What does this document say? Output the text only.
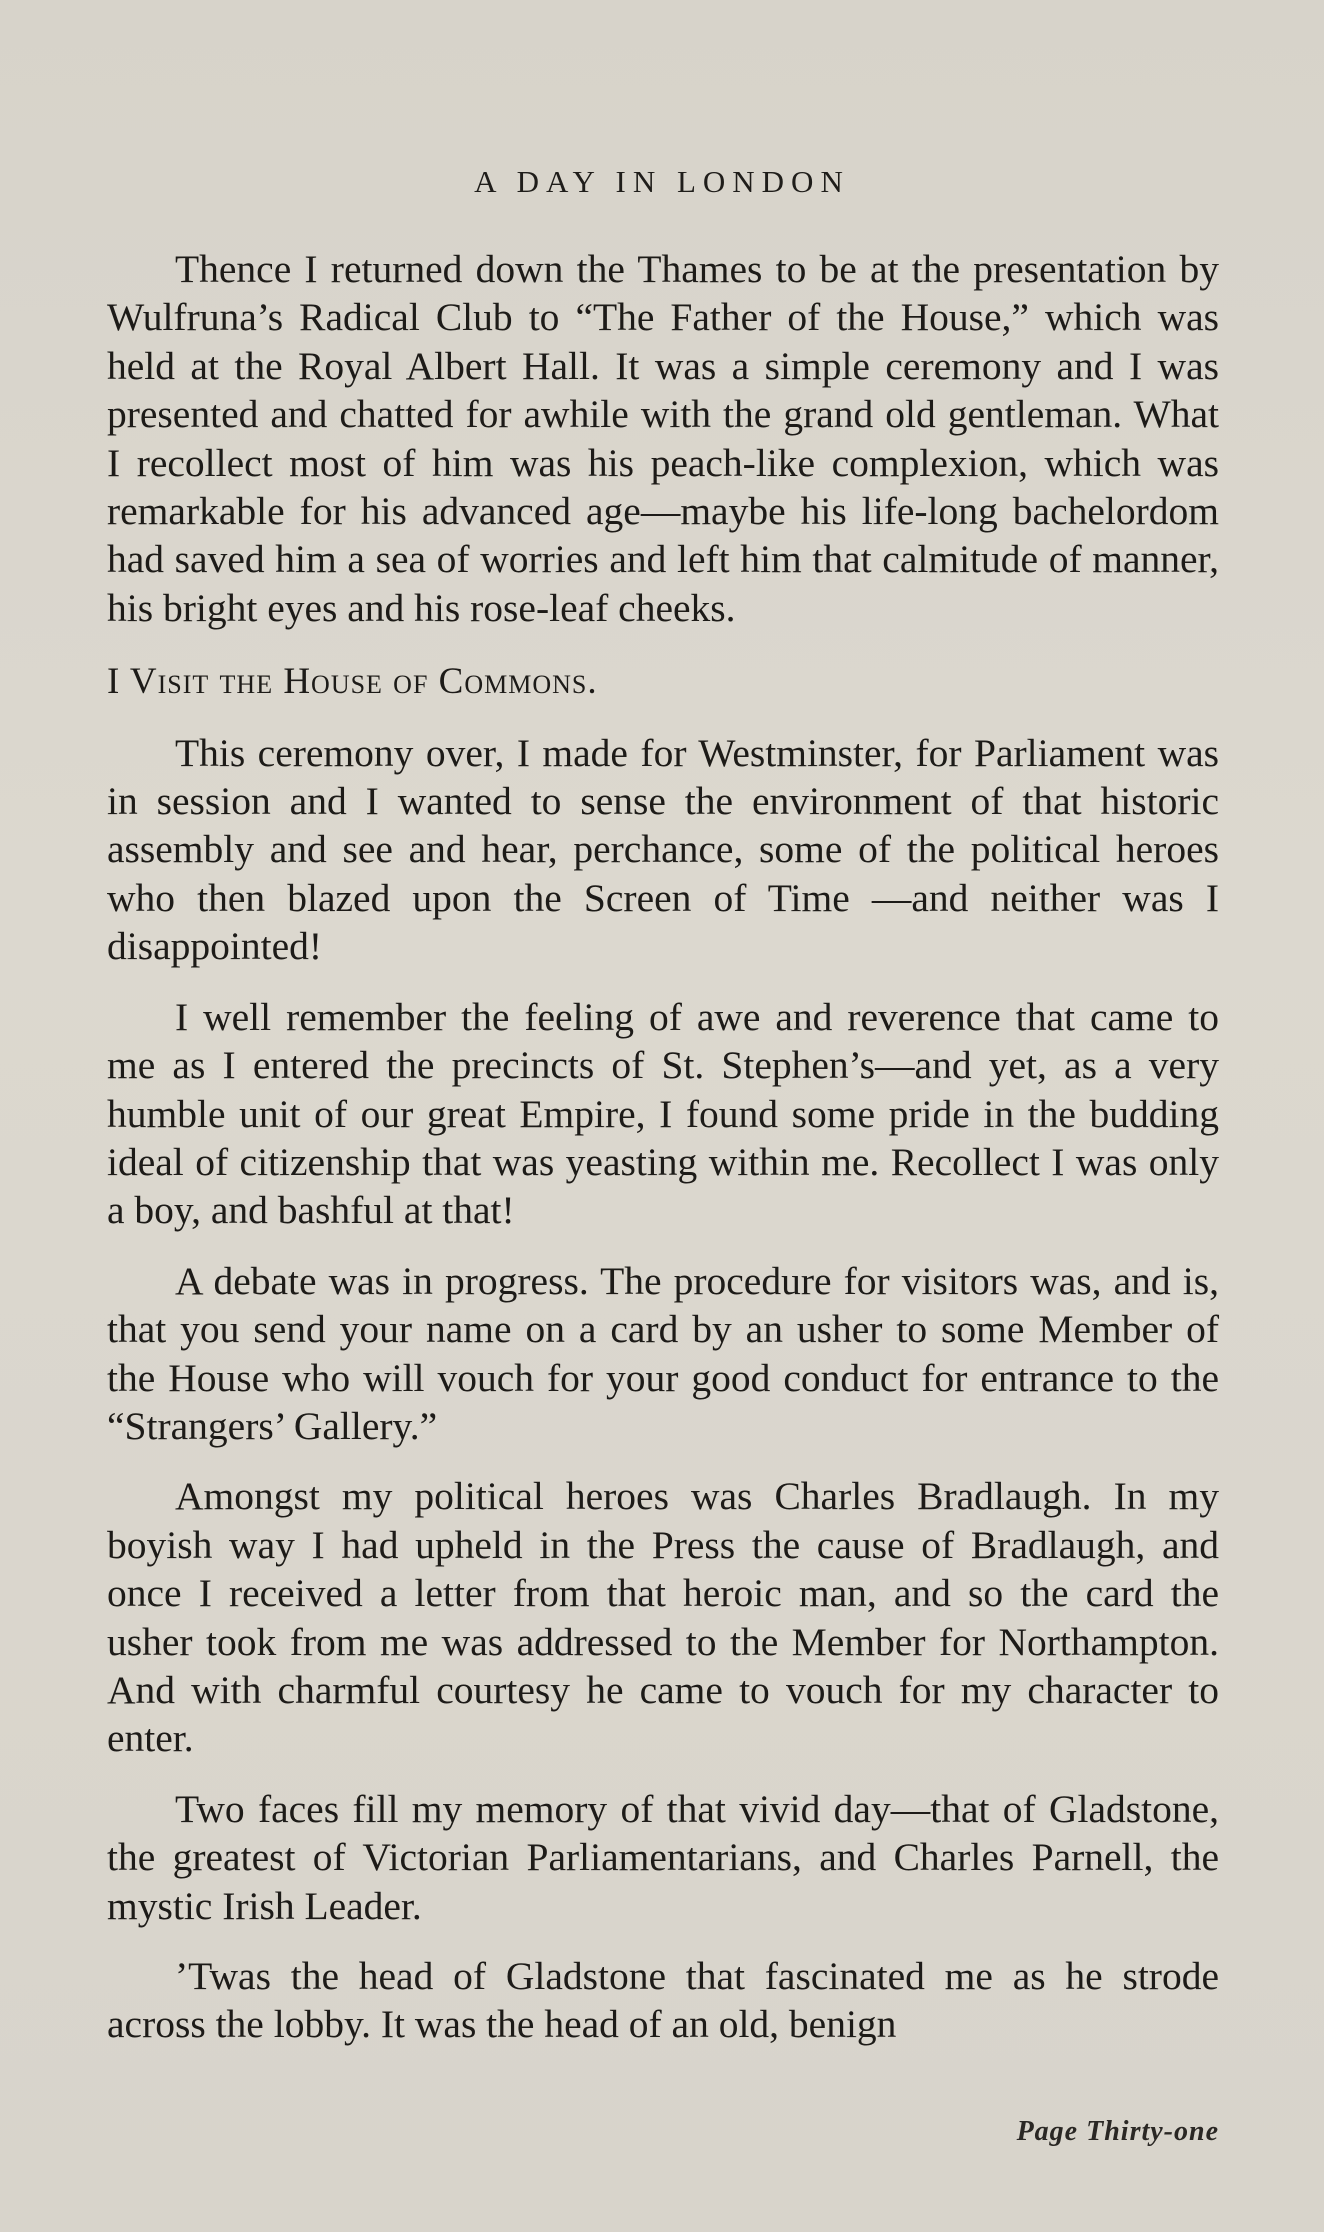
A DAY IN LONDON

Thence I returned down the Thames to be at the presentation by Wulfruna’s Radical Club to “The Father of the House,” which was held at the Royal Albert Hall. It was a simple ceremony and I was presented and chatted for awhile with the grand old gentleman. What I recollect most of him was his peach-like complexion, which was remarkable for his advanced age—maybe his life-long bachelordom had saved him a sea of worries and left him that calmitude of manner, his bright eyes and his rose-leaf cheeks.

I Visit the House of Commons.

This ceremony over, I made for Westminster, for Parliament was in session and I wanted to sense the environment of that historic assembly and see and hear, perchance, some of the political heroes who then blazed upon the Screen of Time —and neither was I disappointed!

I well remember the feeling of awe and reverence that came to me as I entered the precincts of St. Stephen’s—and yet, as a very humble unit of our great Empire, I found some pride in the budding ideal of citizenship that was yeasting within me. Recollect I was only a boy, and bashful at that!

A debate was in progress. The procedure for visitors was, and is, that you send your name on a card by an usher to some Member of the House who will vouch for your good conduct for entrance to the “Strangers’ Gallery.”

Amongst my political heroes was Charles Bradlaugh. In my boyish way I had upheld in the Press the cause of Bradlaugh, and once I received a letter from that heroic man, and so the card the usher took from me was addressed to the Member for Northampton. And with charmful courtesy he came to vouch for my character to enter.

Two faces fill my memory of that vivid day—that of Gladstone, the greatest of Victorian Parliamentarians, and Charles Parnell, the mystic Irish Leader.

’Twas the head of Gladstone that fascinated me as he strode across the lobby. It was the head of an old, benign

Page Thirty-one
